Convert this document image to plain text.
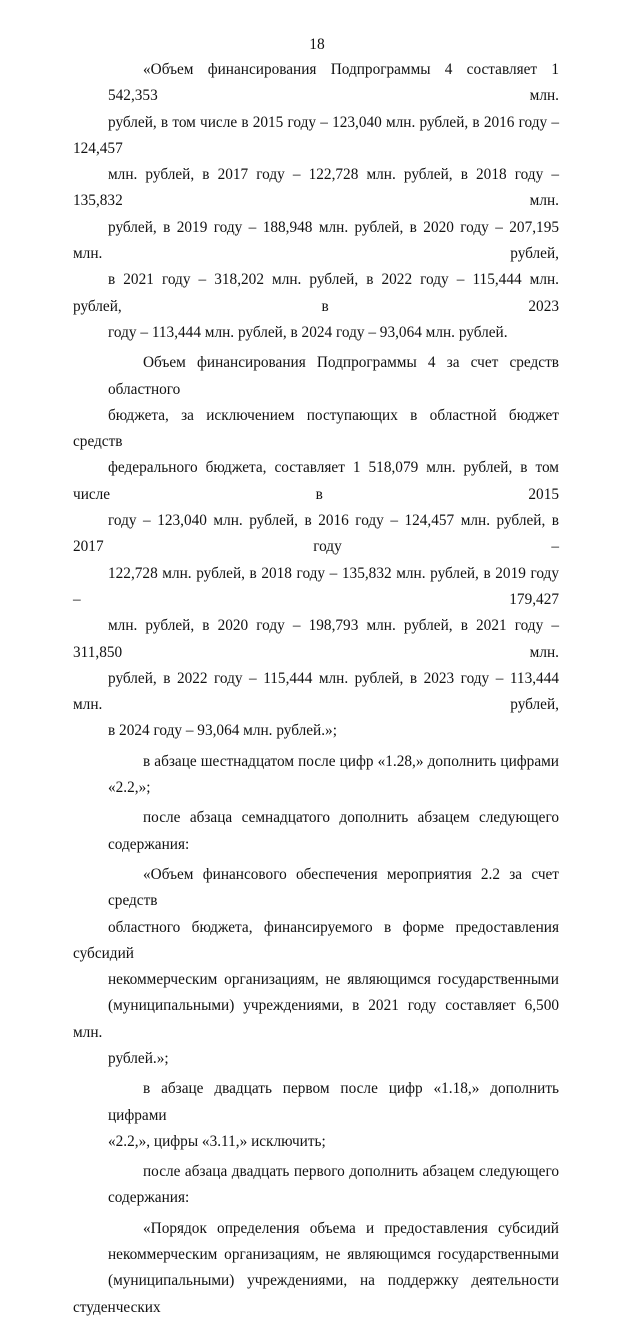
18

«Объем финансирования Подпрограммы 4 составляет 1 542,353 млн.
рублей, в том числе в 2015 году – 123,040 млн. рублей, в 2016 году – 124,457
млн. рублей, в 2017 году – 122,728 млн. рублей, в 2018 году – 135,832 млн.
рублей, в 2019 году – 188,948 млн. рублей, в 2020 году – 207,195 млн. рублей,
в 2021 году – 318,202 млн. рублей, в 2022 году – 115,444 млн. рублей, в 2023
году – 113,444 млн. рублей, в 2024 году – 93,064 млн. рублей.

Объем финансирования Подпрограммы 4 за счет средств областного
бюджета, за исключением поступающих в областной бюджет средств
федерального бюджета, составляет 1 518,079 млн. рублей, в том числе в 2015
году – 123,040 млн. рублей, в 2016 году – 124,457 млн. рублей, в 2017 году –
122,728 млн. рублей, в 2018 году – 135,832 млн. рублей, в 2019 году – 179,427
млн. рублей, в 2020 году – 198,793 млн. рублей, в 2021 году – 311,850 млн.
рублей, в 2022 году – 115,444 млн. рублей, в 2023 году – 113,444 млн. рублей,
в 2024 году – 93,064 млн. рублей.»;

в абзаце шестнадцатом после цифр «1.28,» дополнить цифрами «2.2,»;

после абзаца семнадцатого дополнить абзацем следующего
содержания:

«Объем финансового обеспечения мероприятия 2.2 за счет средств
областного бюджета, финансируемого в форме предоставления субсидий
некоммерческим организациям, не являющимся государственными
(муниципальными) учреждениями, в 2021 году составляет 6,500 млн.
рублей.»;

в абзаце двадцать первом после цифр «1.18,» дополнить цифрами
«2.2,», цифры «3.11,» исключить;

после абзаца двадцать первого дополнить абзацем следующего
содержания:

«Порядок определения объема и предоставления субсидий
некоммерческим организациям, не являющимся государственными
(муниципальными) учреждениями, на поддержку деятельности студенческих
